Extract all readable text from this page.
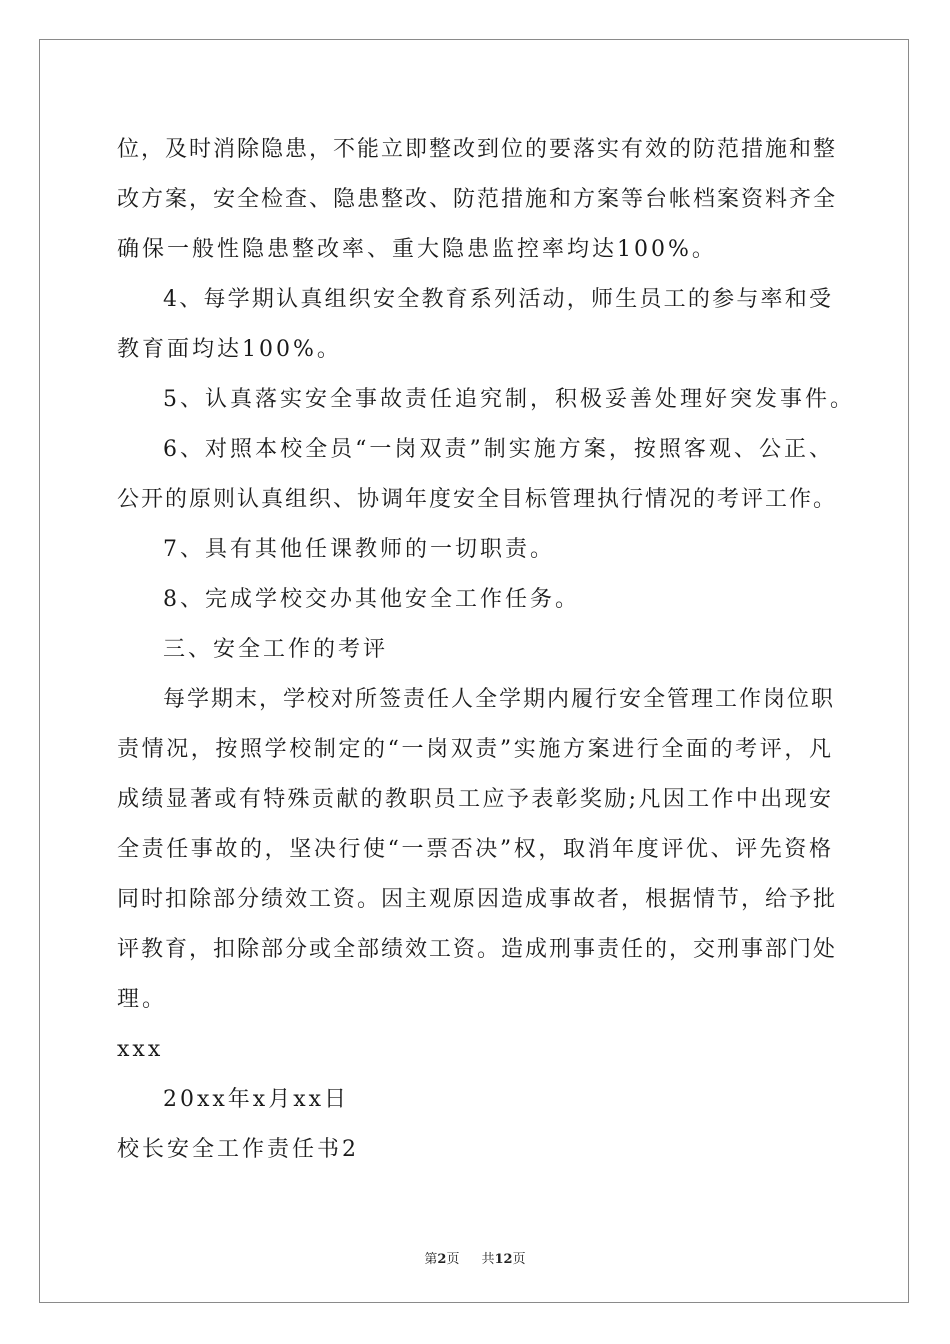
位，及时消除隐患，不能立即整改到位的要落实有效的防范措施和整
改方案，安全检查、隐患整改、防范措施和方案等台帐档案资料齐全
确保一般性隐患整改率、重大隐患监控率均达100%。
4、每学期认真组织安全教育系列活动，师生员工的参与率和受
教育面均达100%。
5、认真落实安全事故责任追究制，积极妥善处理好突发事件。
6、对照本校全员“一岗双责”制实施方案，按照客观、公正、
公开的原则认真组织、协调年度安全目标管理执行情况的考评工作。
7、具有其他任课教师的一切职责。
8、完成学校交办其他安全工作任务。
三、安全工作的考评
每学期末，学校对所签责任人全学期内履行安全管理工作岗位职
责情况，按照学校制定的“一岗双责”实施方案进行全面的考评，凡
成绩显著或有特殊贡献的教职员工应予表彰奖励;凡因工作中出现安
全责任事故的，坚决行使“一票否决”权，取消年度评优、评先资格
同时扣除部分绩效工资。因主观原因造成事故者，根据情节，给予批
评教育，扣除部分或全部绩效工资。造成刑事责任的，交刑事部门处
理。
xxx
20xx年x月xx日
校长安全工作责任书2
第2页 共12页
